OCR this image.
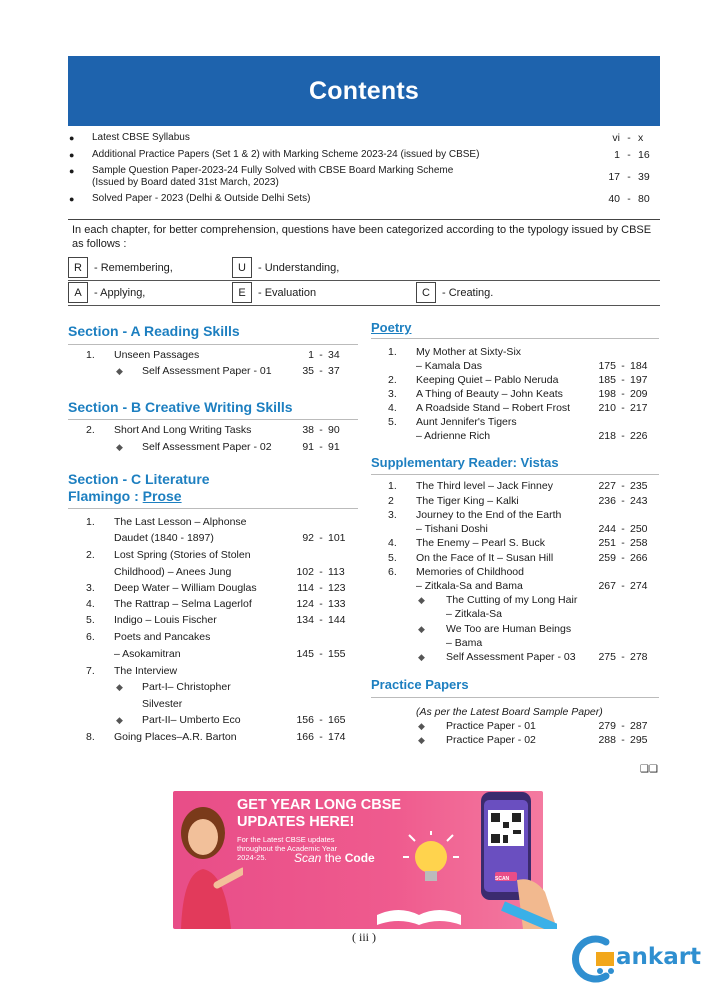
Contents
●	Latest CBSE Syllabus	vi - x
●	Additional Practice Papers (Set 1 & 2) with Marking Scheme 2023-24 (issued by CBSE)	1 - 16
●	Sample Question Paper-2023-24 Fully Solved with CBSE Board Marking Scheme
(Issued by Board dated 31st March, 2023)	17 - 39
●	Solved Paper - 2023 (Delhi & Outside Delhi Sets)	40 - 80
In each chapter, for better comprehension, questions have been categorized according to the typology issued by CBSE as follows :
R	- Remembering,	U	- Understanding,
A	- Applying,	E	- Evaluation	C	- Creating.
Section - A Reading Skills
1.	Unseen Passages	1 - 34
◆ Self Assessment Paper - 01	35 - 37
Section - B Creative Writing Skills
2.	Short And Long Writing Tasks	38 - 90
◆ Self Assessment Paper - 02	91 - 91
Section - C Literature
Flamingo : Prose
1.	The Last Lesson – Alphonse
Daudet (1840 - 1897)	92 - 101
2.	Lost Spring (Stories of Stolen
Childhood) – Anees Jung	102 - 113
3.	Deep Water – William Douglas	114 - 123
4.	The Rattrap – Selma Lagerlof	124 - 133
5.	Indigo – Louis Fischer	134 - 144
6.	Poets and Pancakes
– Asokamitran	145 - 155
7.	The Interview
◆ Part-I– Christopher
Silvester
◆ Part-II– Umberto Eco	156 - 165
8.	Going Places–A.R. Barton	166 - 174
Poetry
1.	My Mother at Sixty-Six
– Kamala Das	175 - 184
2.	Keeping Quiet – Pablo Neruda	185 - 197
3.	A Thing of Beauty – John Keats	198 - 209
4.	A Roadside Stand – Robert Frost	210 - 217
5.	Aunt Jennifer's Tigers
– Adrienne Rich	218 - 226
Supplementary Reader: Vistas
1.	The Third level – Jack Finney	227 - 235
2	The Tiger King – Kalki	236 - 243
3.	Journey to the End of the Earth
– Tishani Doshi	244 - 250
4.	The Enemy – Pearl S. Buck	251 - 258
5.	On the Face of It – Susan Hill	259 - 266
6.	Memories of Childhood
– Zitkala-Sa and Bama	267 - 274
◆ The Cutting of my Long Hair
– Zitkala-Sa
◆ We Too are Human Beings
– Bama
◆ Self Assessment Paper - 03	275 - 278
Practice Papers
(As per the Latest Board Sample Paper)
◆ Practice Paper - 01	279 - 287
◆ Practice Paper - 02	288 - 295
❑❑
GET YEAR LONG CBSE
UPDATES HERE!
For the Latest CBSE updates throughout the Academic Year 2024-25.	Scan the Code
SCAN
( iii )
ankart
